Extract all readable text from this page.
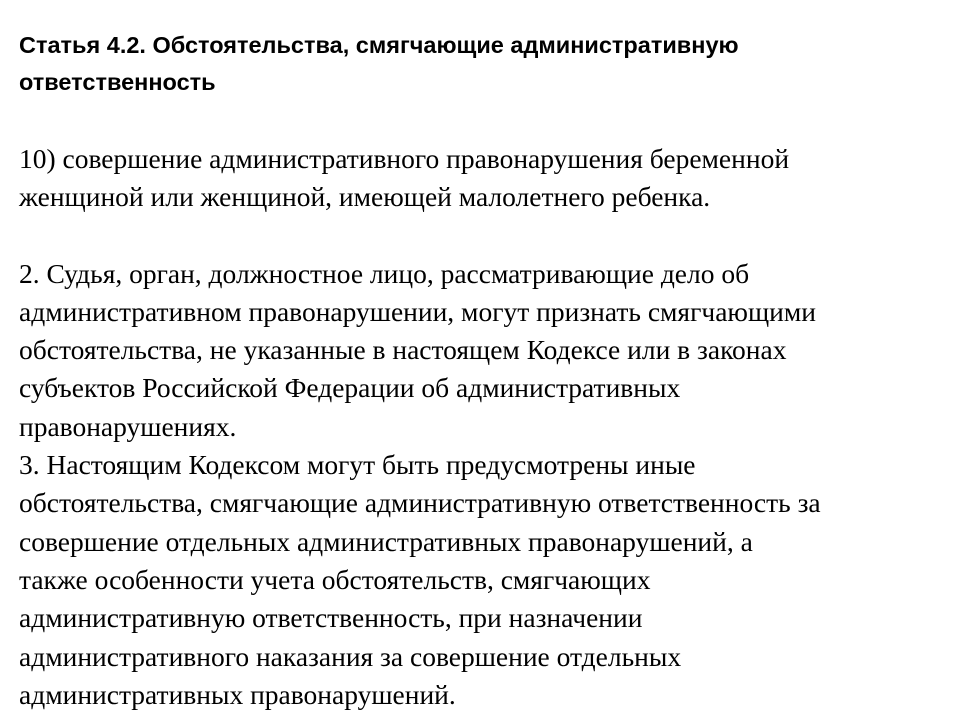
Статья 4.2. Обстоятельства, смягчающие административную
ответственность

10) совершение административного правонарушения беременной
женщиной или женщиной, имеющей малолетнего ребенка.

2. Судья, орган, должностное лицо, рассматривающие дело об
административном правонарушении, могут признать смягчающими
обстоятельства, не указанные в настоящем Кодексе или в законах
субъектов Российской Федерации об административных
правонарушениях.

3. Настоящим Кодексом могут быть предусмотрены иные
обстоятельства, смягчающие административную ответственность за
совершение отдельных административных правонарушений, а
также особенности учета обстоятельств, смягчающих
административную ответственность, при назначении
административного наказания за совершение отдельных
административных правонарушений.
